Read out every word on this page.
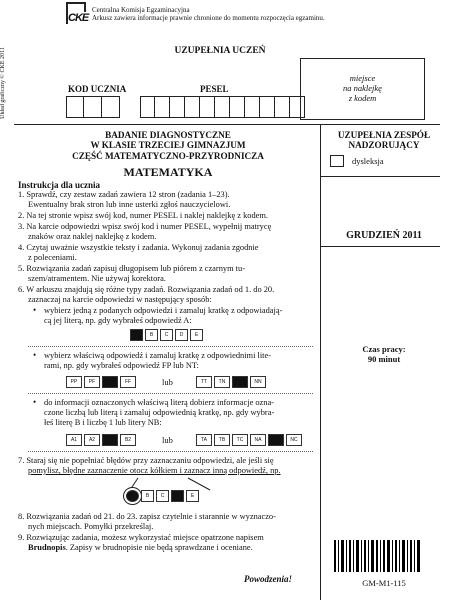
CKE
Centralna Komisja Egzaminacyjna
Arkusz zawiera informacje prawnie chronione do momentu rozpoczęcia egzaminu.
Układ graficzny © CKE 2011	UZUPEŁNIA UCZEŃ
KOD UCZNIA	PESEL
miejsce
na naklejkę
z kodem
BADANIE DIAGNOSTYCZNE
W KLASIE TRZECIEJ GIMNAZJUM
CZĘŚĆ MATEMATYCZNO-PRZYRODNICZA
MATEMATYKA
UZUPEŁNIA ZESPÓŁ
NADZORUJĄCY
dysleksja
GRUDZIEŃ 2011
Czas pracy:
90 minut
GM-M1-115
Instrukcja dla ucznia
1. Sprawdź, czy zestaw zadań zawiera 12 stron (zadania 1–23).
Ewentualny brak stron lub inne usterki zgłoś nauczycielowi.
2. Na tej stronie wpisz swój kod, numer PESEL i naklej naklejkę z kodem.
3. Na karcie odpowiedzi wpisz swój kod i numer PESEL, wypełnij matrycę
znaków oraz naklej naklejkę z kodem.
4. Czytaj uważnie wszystkie teksty i zadania. Wykonuj zadania zgodnie
z poleceniami.
5. Rozwiązania zadań zapisuj długopisem lub piórem z czarnym tu-
szem/atramentem. Nie używaj korektora.
6. W arkuszu znajdują się różne typy zadań. Rozwiązania zadań od 1. do 20.
zaznaczaj na karcie odpowiedzi w następujący sposób:
• wybierz jedną z podanych odpowiedzi i zamaluj kratkę z odpowiadają-
cą jej literą, np. gdy wybrałeś odpowiedź A:
A	B	C	D	E
• wybierz właściwą odpowiedź i zamaluj kratkę z odpowiednimi lite-
rami, np. gdy wybrałeś odpowiedź FP lub NT:
PP	PF	FP	FF	lub	TT	TN	NT	NN
• do informacji oznaczonych właściwą literą dobierz informacje ozna-
czone liczbą lub literą i zamaluj odpowiednią kratkę, np. gdy wybra-
łeś literę B i liczbę 1 lub litery NB:
A1	A2	B1	B2	lub	TA	TB	TC	NA	NB	NC
7. Staraj się nie popełniać błędów przy zaznaczaniu odpowiedzi, ale jeśli się
pomylisz, błędne zaznaczenie otocz kółkiem i zaznacz inną odpowiedź, np.
A	B	C	D	E
8. Rozwiązania zadań od 21. do 23. zapisz czytelnie i starannie w wyznaczo-
nych miejscach. Pomyłki przekreślaj.
9. Rozwiązując zadania, możesz wykorzystać miejsce opatrzone napisem
Brudnopis. Zapisy w brudnopisie nie będą sprawdzane i oceniane.
Powodzenia!
